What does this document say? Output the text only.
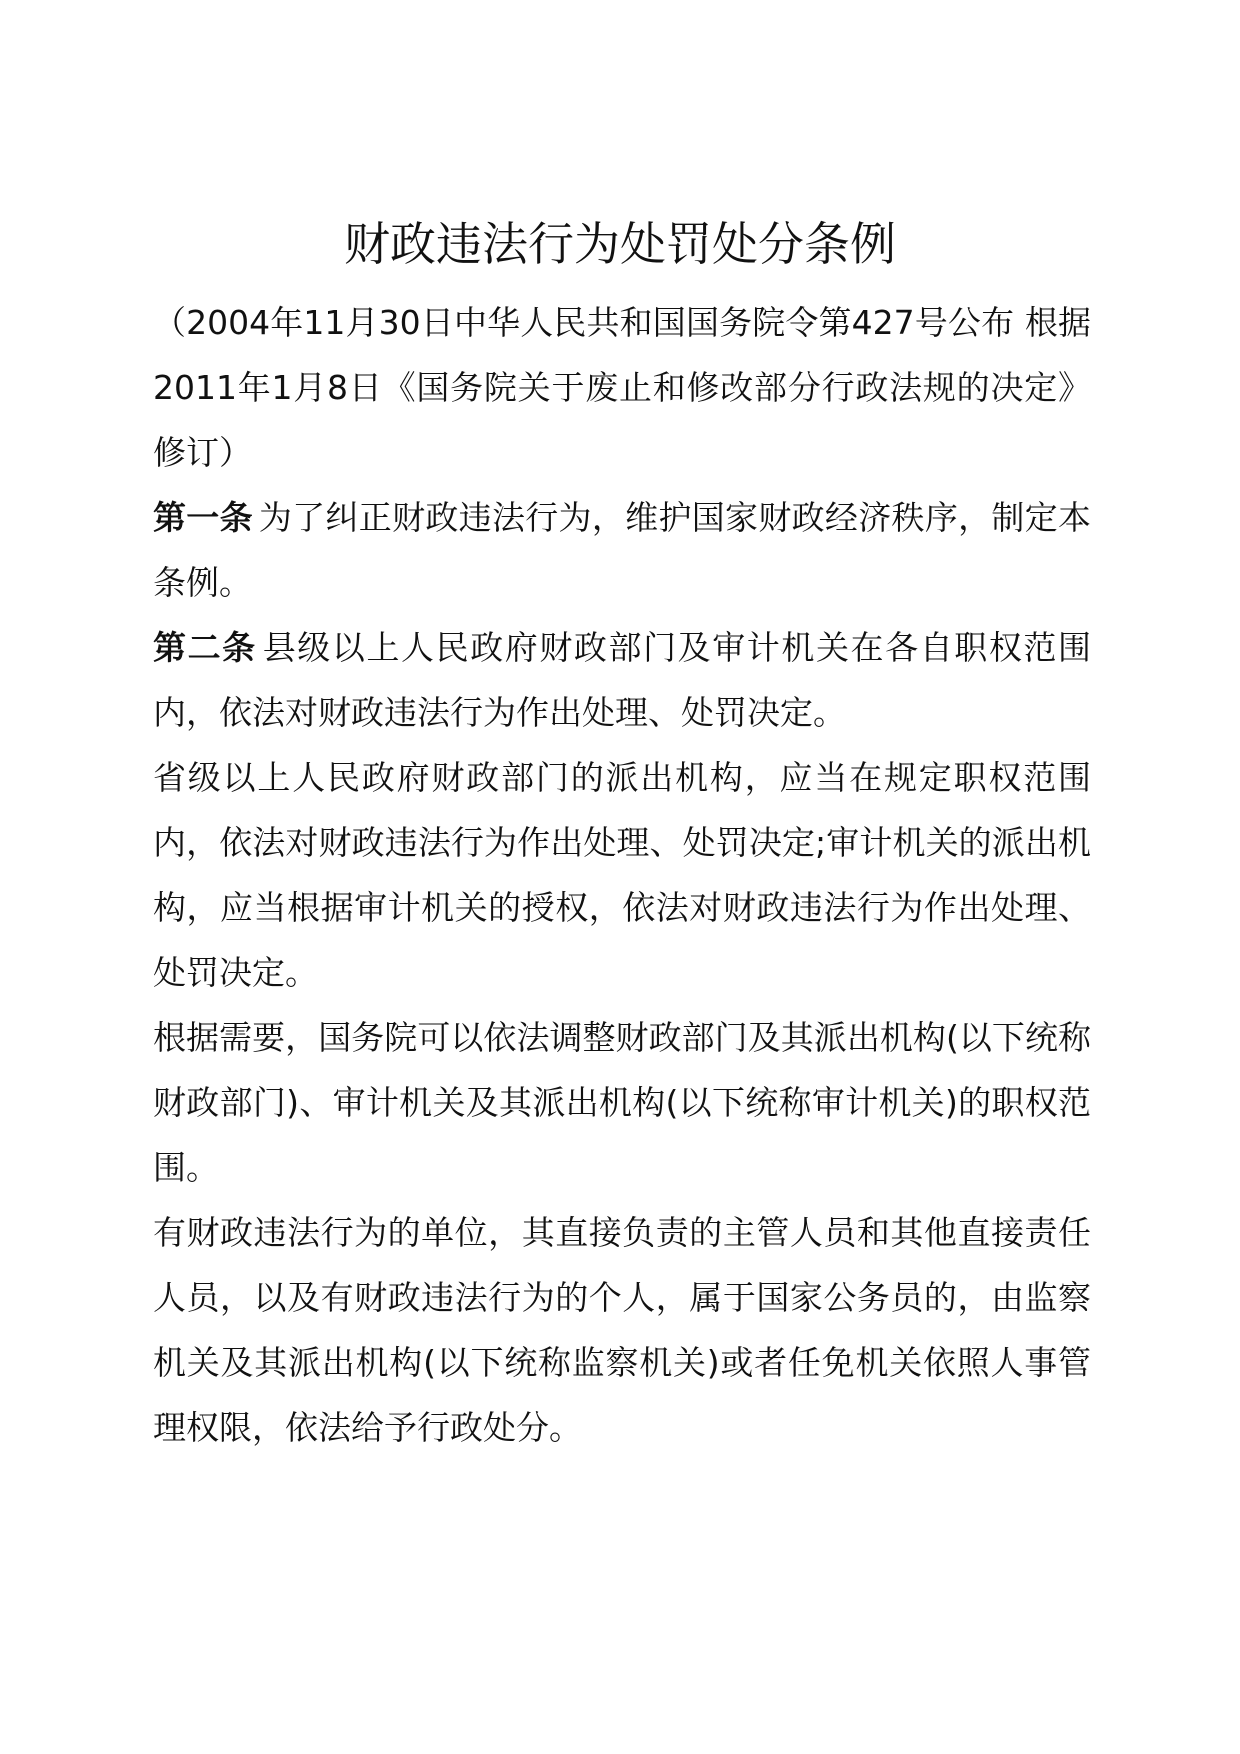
财政违法行为处罚处分条例

（2004年11月30日中华人民共和国国务院令第427号公布 根据2011年1月8日《国务院关于废止和修改部分行政法规的决定》修订）

第一条 为了纠正财政违法行为，维护国家财政经济秩序，制定本条例。

第二条 县级以上人民政府财政部门及审计机关在各自职权范围内，依法对财政违法行为作出处理、处罚决定。

省级以上人民政府财政部门的派出机构，应当在规定职权范围内，依法对财政违法行为作出处理、处罚决定;审计机关的派出机构，应当根据审计机关的授权，依法对财政违法行为作出处理、处罚决定。

根据需要，国务院可以依法调整财政部门及其派出机构(以下统称财政部门)、审计机关及其派出机构(以下统称审计机关)的职权范围。

有财政违法行为的单位，其直接负责的主管人员和其他直接责任人员，以及有财政违法行为的个人，属于国家公务员的，由监察机关及其派出机构(以下统称监察机关)或者任免机关依照人事管理权限，依法给予行政处分。
